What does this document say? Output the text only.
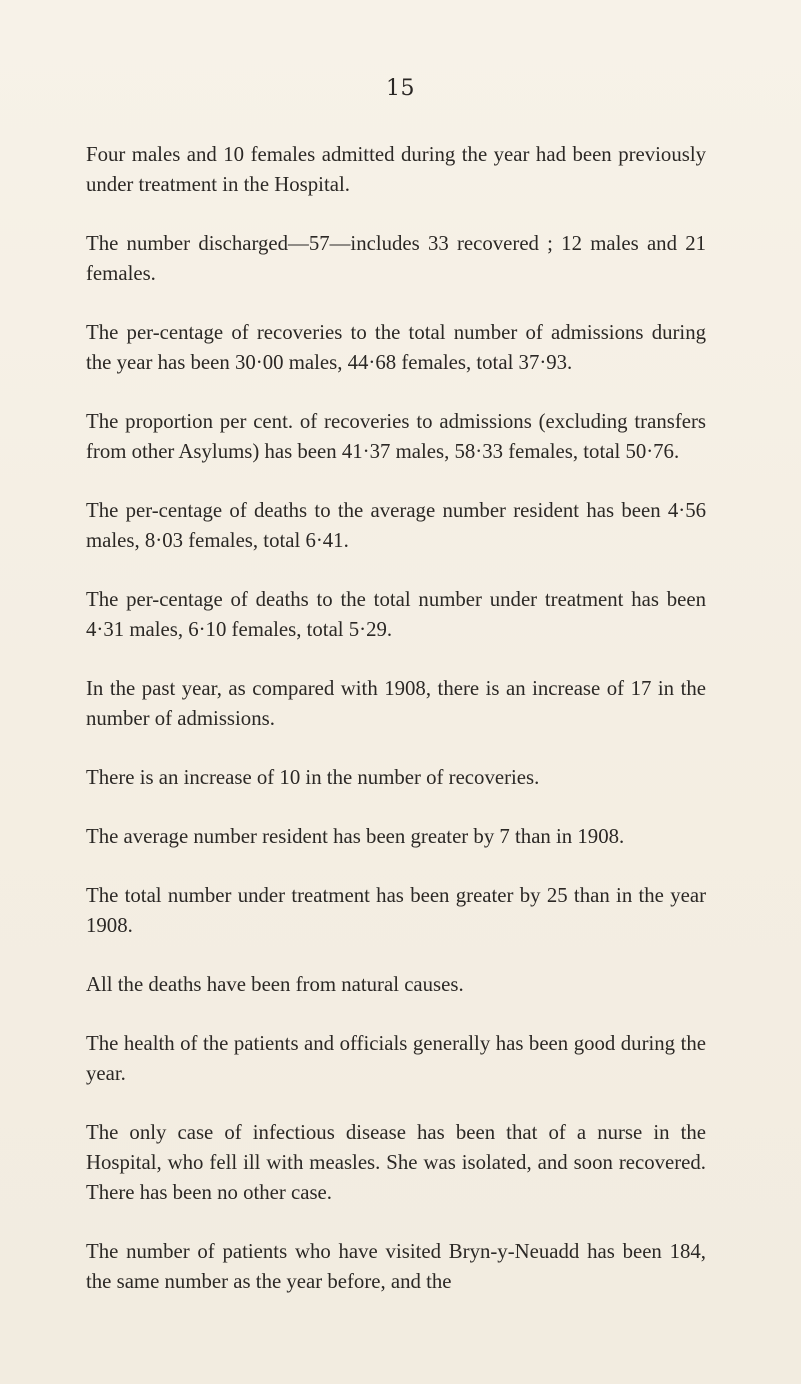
15

Four males and 10 females admitted during the year had been previously under treatment in the Hospital.

The number discharged—57—includes 33 recovered ; 12 males and 21 females.

The per-centage of recoveries to the total number of admissions during the year has been 30·00 males, 44·68 females, total 37·93.

The proportion per cent. of recoveries to admissions (excluding transfers from other Asylums) has been 41·37 males, 58·33 females, total 50·76.

The per-centage of deaths to the average number resident has been 4·56 males, 8·03 females, total 6·41.

The per-centage of deaths to the total number under treatment has been 4·31 males, 6·10 females, total 5·29.

In the past year, as compared with 1908, there is an increase of 17 in the number of admissions.

There is an increase of 10 in the number of recoveries.

The average number resident has been greater by 7 than in 1908.

The total number under treatment has been greater by 25 than in the year 1908.

All the deaths have been from natural causes.

The health of the patients and officials generally has been good during the year.

The only case of infectious disease has been that of a nurse in the Hospital, who fell ill with measles. She was isolated, and soon recovered. There has been no other case.

The number of patients who have visited Bryn-y-Neuadd has been 184, the same number as the year before, and the
